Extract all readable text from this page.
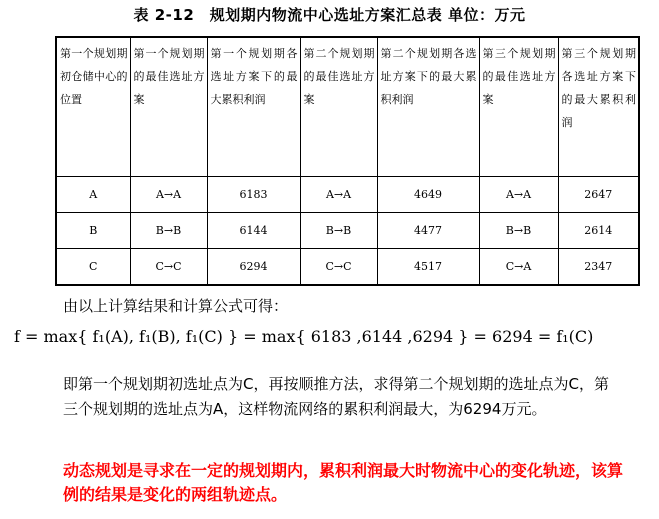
表 2-12　规划期内物流中心选址方案汇总表 单位：万元
第一个规划期初仓储中心的位置	第一个规划期的最佳选址方案	第一个规划期各选址方案下的最大累积利润	第二个规划期的最佳选址方案	第二个规划期各选址方案下的最大累积利润	第三个规划期的最佳选址方案	第三个规划期各选址方案下的最大累积利润
A	A→A	6183	A→A	4649	A→A	2647
B	B→B	6144	B→B	4477	B→B	2614
C	C→C	6294	C→C	4517	C→A	2347
由以上计算结果和计算公式可得：
f = max{ f₁(A), f₁(B), f₁(C) } = max{ 6183 ,6144 ,6294 } = 6294 = f₁(C)
即第一个规划期初选址点为C，再按顺推方法，求得第二个规划期的选址点为C，第三个规划期的选址点为A，这样物流网络的累积利润最大，为6294万元。
动态规划是寻求在一定的规划期内，累积利润最大时物流中心的变化轨迹，该算例的结果是变化的两组轨迹点。
